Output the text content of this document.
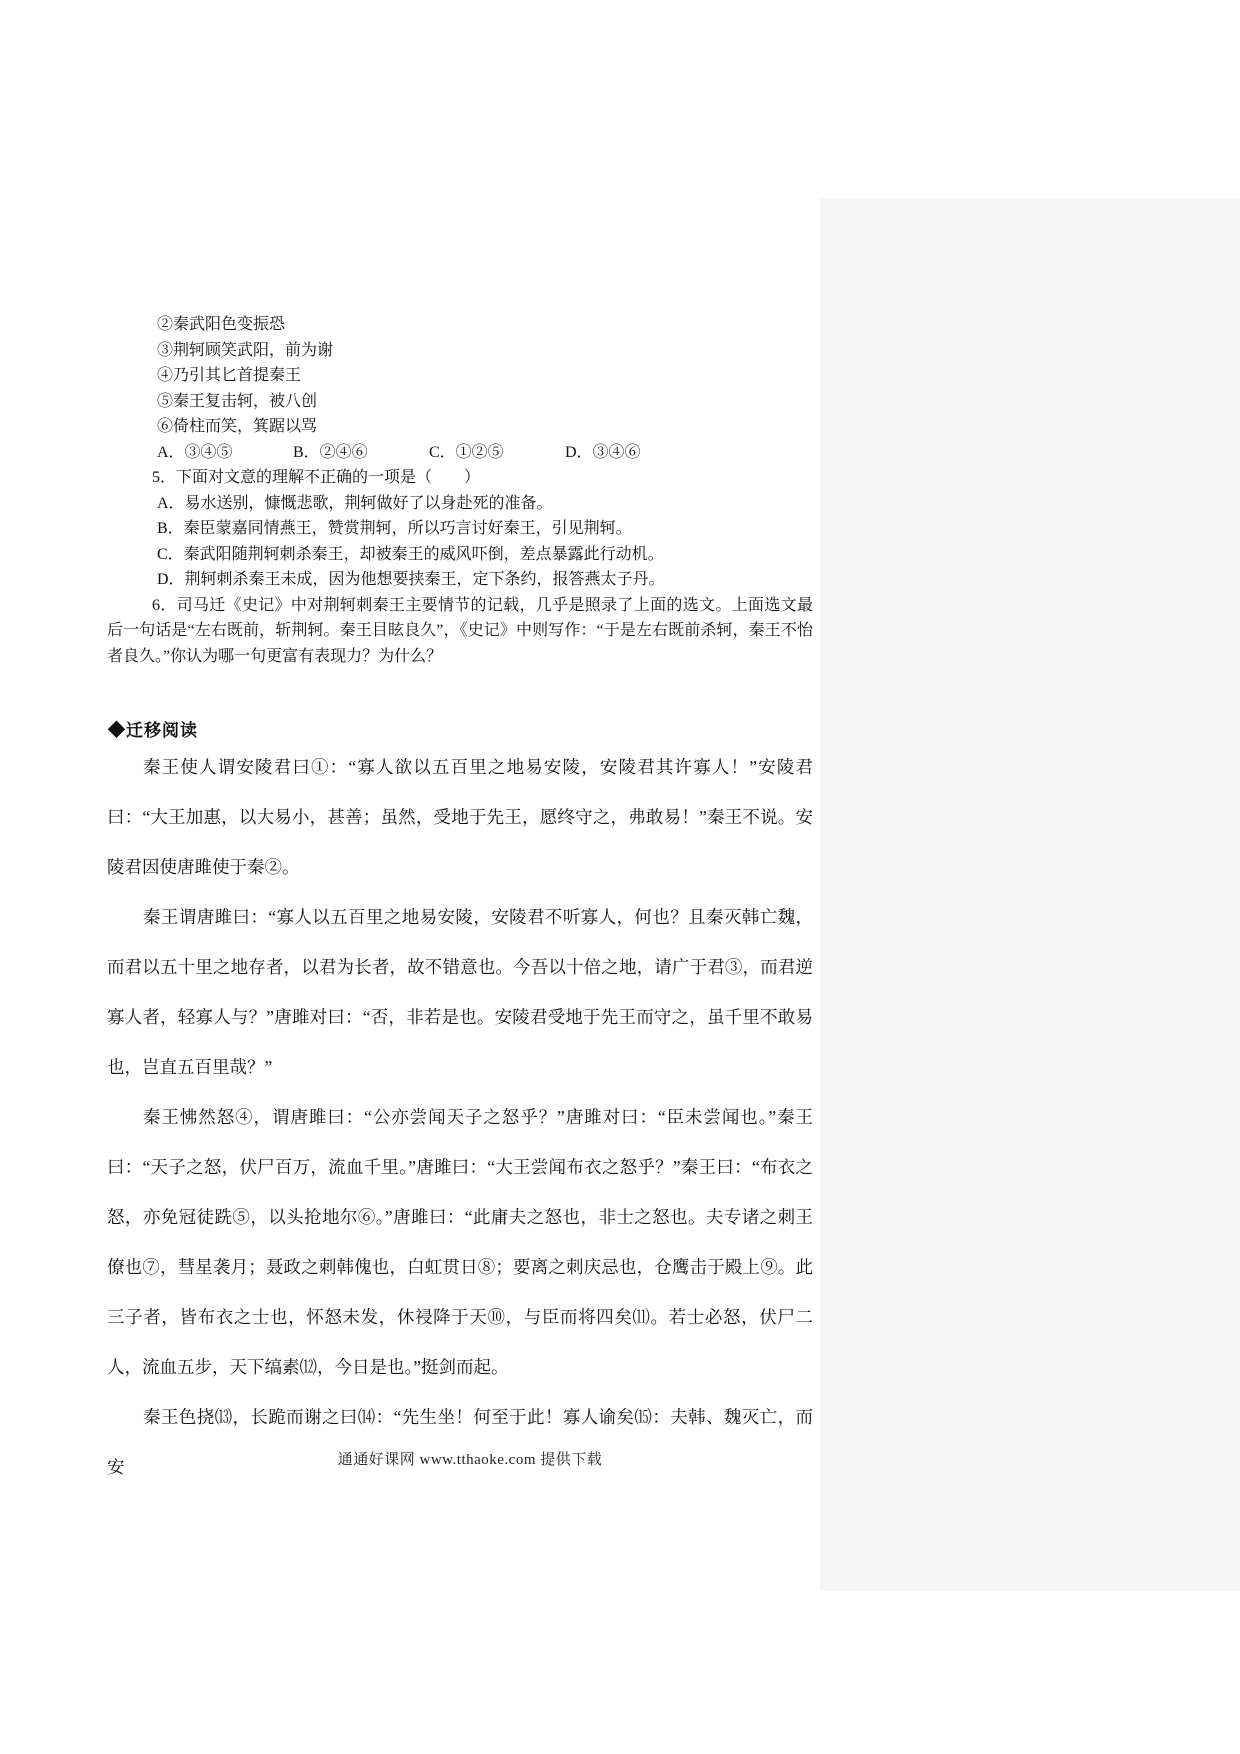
②秦武阳色变振恐
③荆轲顾笑武阳，前为谢
④乃引其匕首提秦王
⑤秦王复击轲，被八创
⑥倚柱而笑，箕踞以骂
A．③④⑤	B．②④⑥	C．①②⑤	D．③④⑥
5．下面对文意的理解不正确的一项是（　　）
A．易水送别，慷慨悲歌，荆轲做好了以身赴死的准备。
B．秦臣蒙嘉同情燕王，赞赏荆轲，所以巧言讨好秦王，引见荆轲。
C．秦武阳随荆轲刺杀秦王，却被秦王的威风吓倒，差点暴露此行动机。
D．荆轲刺杀秦王未成，因为他想要挟秦王，定下条约，报答燕太子丹。

6．司马迁《史记》中对荆轲刺秦王主要情节的记载，几乎是照录了上面的选文。上面选文最后一句话是“左右既前，斩荆轲。秦王目眩良久”，《史记》中则写作：“于是左右既前杀轲，秦王不怡者良久。”你认为哪一句更富有表现力？为什么？

◆迁移阅读

秦王使人谓安陵君曰①：“寡人欲以五百里之地易安陵，安陵君其许寡人！”安陵君曰：“大王加惠，以大易小，甚善；虽然，受地于先王，愿终守之，弗敢易！”秦王不说。安陵君因使唐雎使于秦②。

秦王谓唐雎曰：“寡人以五百里之地易安陵，安陵君不听寡人，何也？且秦灭韩亡魏，而君以五十里之地存者，以君为长者，故不错意也。今吾以十倍之地，请广于君③，而君逆寡人者，轻寡人与？”唐雎对曰：“否，非若是也。安陵君受地于先王而守之，虽千里不敢易也，岂直五百里哉？”

秦王怫然怒④，谓唐雎曰：“公亦尝闻天子之怒乎？”唐雎对曰：“臣未尝闻也。”秦王曰：“天子之怒，伏尸百万，流血千里。”唐雎曰：“大王尝闻布衣之怒乎？”秦王曰：“布衣之怒，亦免冠徒跣⑤，以头抢地尔⑥。”唐雎曰：“此庸夫之怒也，非士之怒也。夫专诸之刺王僚也⑦，彗星袭月；聂政之刺韩傀也，白虹贯日⑧；要离之刺庆忌也，仓鹰击于殿上⑨。此三子者，皆布衣之士也，怀怒未发，休祲降于天⑩，与臣而将四矣⑾。若士必怒，伏尸二人，流血五步，天下缟素⑿，今日是也。”挺剑而起。

秦王色挠⒀，长跪而谢之曰⒁：“先生坐！何至于此！寡人谕矣⒂：夫韩、魏灭亡，而安	通通好课网 www.tthaoke.com 提供下载
